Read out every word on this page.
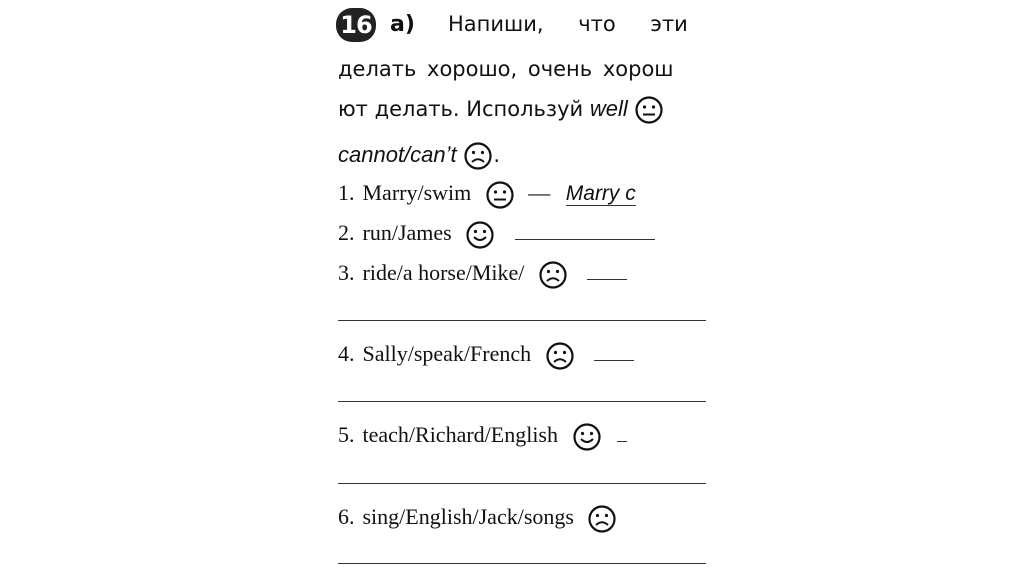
16 а) Напиши, что эти
делать хорошо, очень хорош
ют делать. Используй well
cannot/can’t .
1. Marry/swim	— Marry c
2. run/James

3. ride/a horse/Mike/

4. Sally/speak/French

5. teach/Richard/English

6. sing/English/Jack/songs
